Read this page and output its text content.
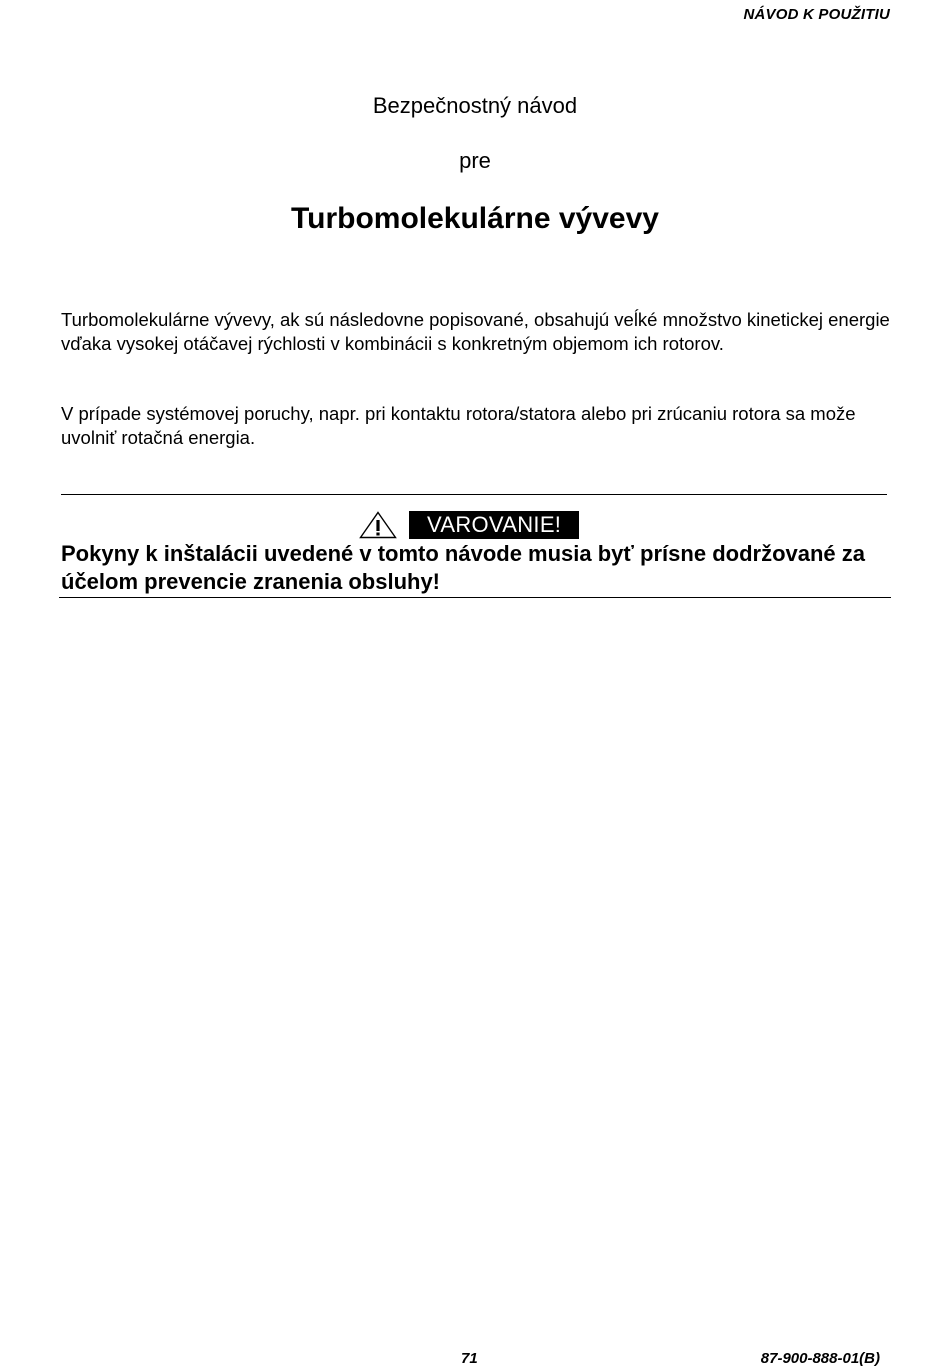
NÁVOD K POUŽITIU
Bezpečnostný návod
pre
Turbomolekulárne vývevy

Turbomolekulárne vývevy, ak sú následovne popisované, obsahujú veĺké množstvo kinetickej energie vďaka vysokej otáčavej rýchlosti v kombinácii s konkretným objemom ich rotorov.

V prípade systémovej poruchy, napr. pri kontaktu rotora/statora alebo pri zrúcaniu rotora sa može uvolniť rotačná energia.

VAROVANIE!

Pokyny k inštalácii uvedené v tomto návode musia byť prísne dodržované za účelom prevencie zranenia obsluhy!

71	87-900-888-01(B)
